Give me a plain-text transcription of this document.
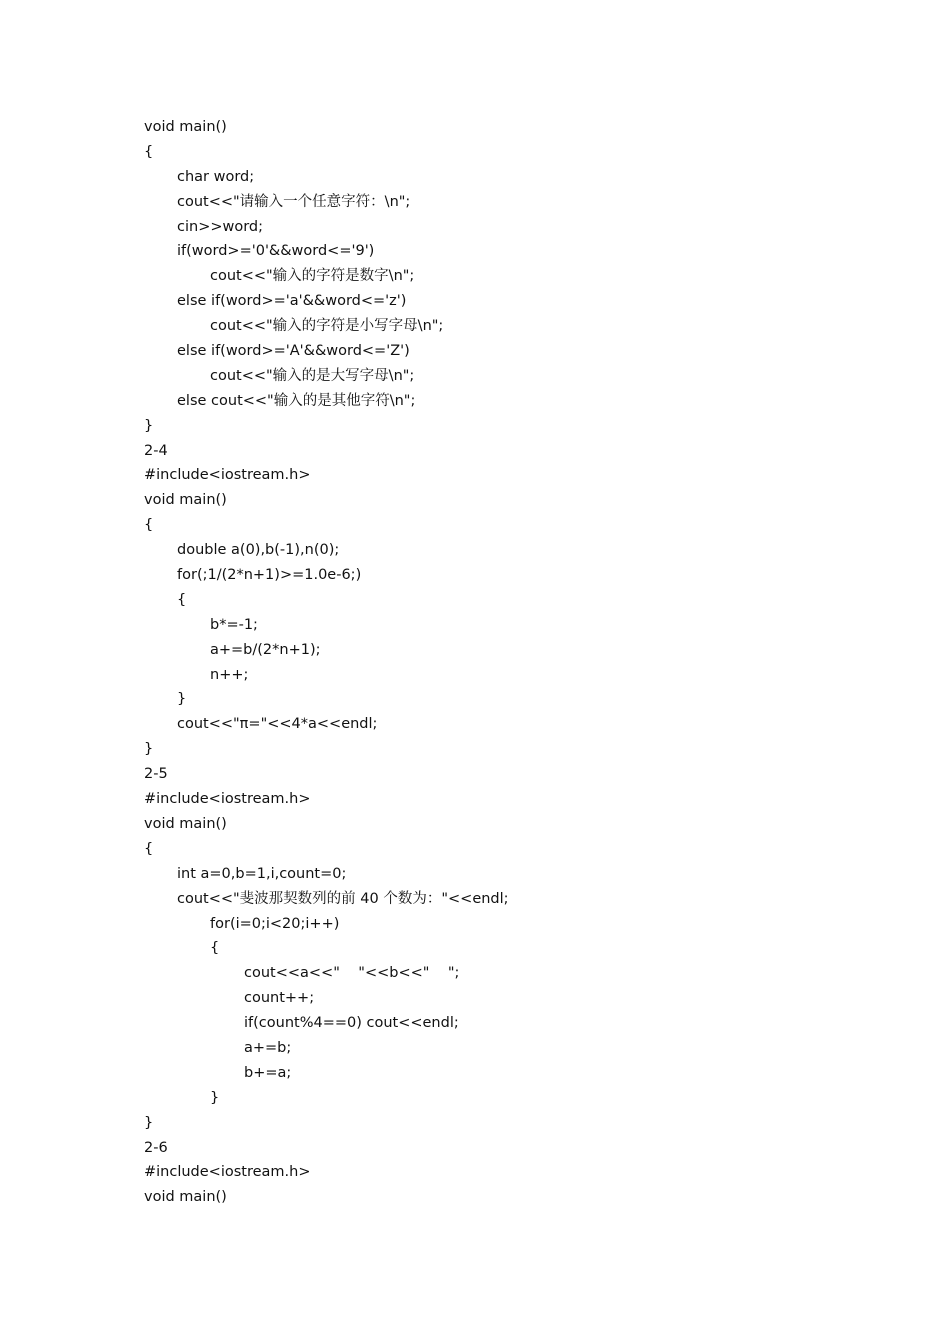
void main()
{
char word;
cout<<"请输入一个任意字符：\n";
cin>>word;
if(word>='0'&&word<='9')
cout<<"输入的字符是数字\n";
else if(word>='a'&&word<='z')
cout<<"输入的字符是小写字母\n";
else if(word>='A'&&word<='Z')
cout<<"输入的是大写字母\n";
else cout<<"输入的是其他字符\n";
}
2-4
#include<iostream.h>
void main()
{
double a(0),b(-1),n(0);
for(;1/(2*n+1)>=1.0e-6;)
{
b*=-1;
a+=b/(2*n+1);
n++;
}
cout<<"π="<<4*a<<endl;
}
2-5
#include<iostream.h>
void main()
{
int a=0,b=1,i,count=0;
cout<<"斐波那契数列的前 40 个数为："<<endl;
for(i=0;i<20;i++)
{
cout<<a<<"    "<<b<<"    ";
count++;
if(count%4==0) cout<<endl;
a+=b;
b+=a;
}
}
2-6
#include<iostream.h>
void main()
